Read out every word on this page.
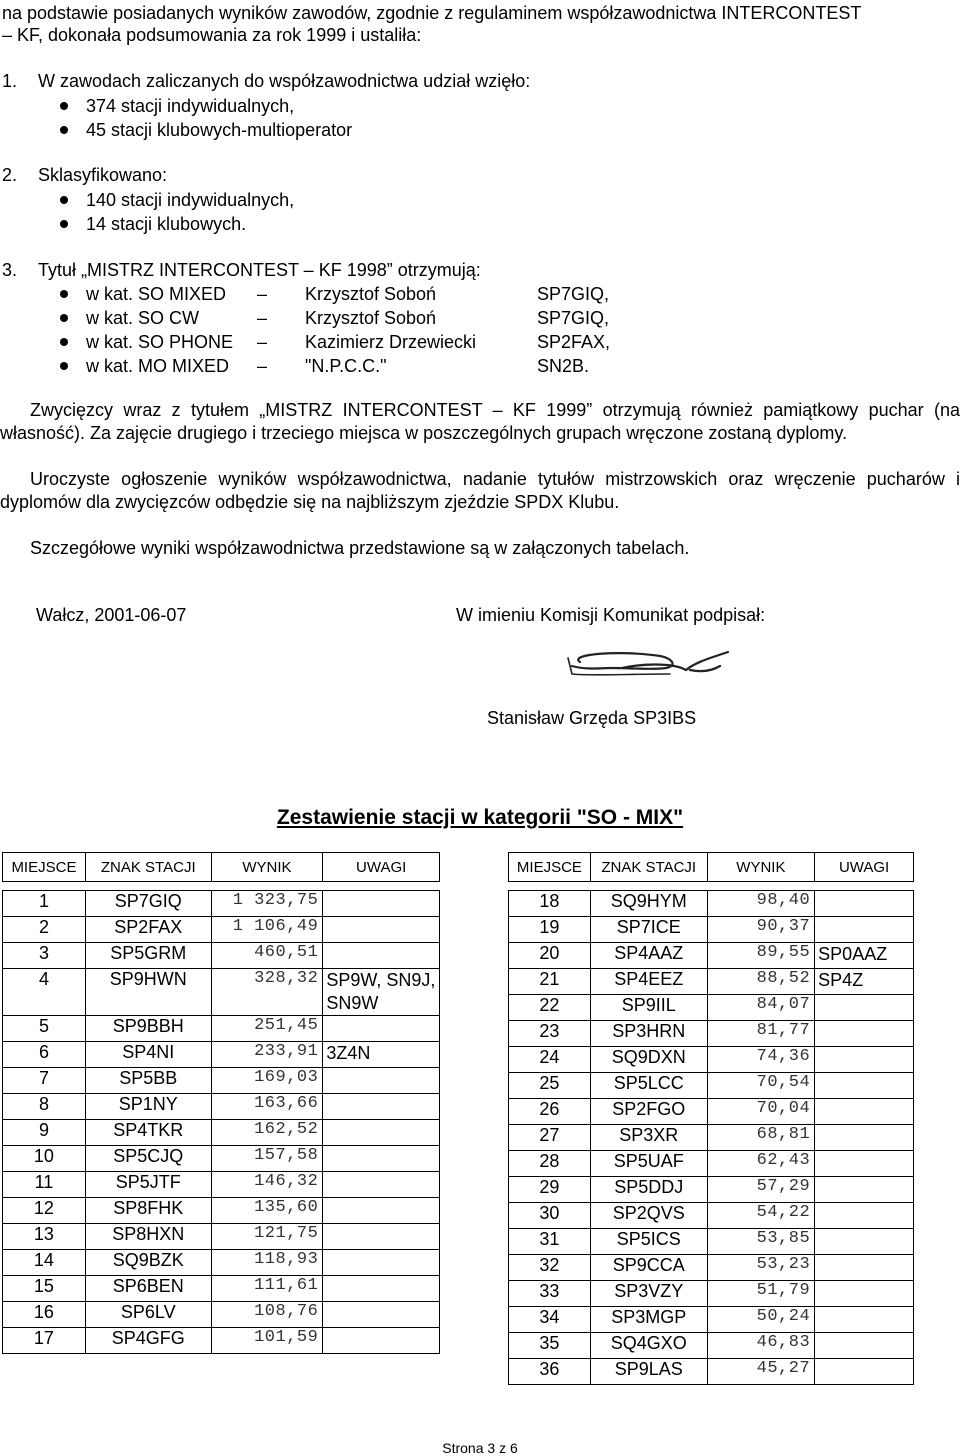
na podstawie posiadanych wyników zawodów, zgodnie z regulaminem współzawodnictwa INTERCONTEST
– KF, dokonała podsumowania za rok 1999 i ustaliła:
1. W zawodach zaliczanych do współzawodnictwa udział wzięło:
374 stacji indywidualnych,
45 stacji klubowych-multioperator
2. Sklasyfikowano:
140 stacji indywidualnych,
14 stacji klubowych.
3. Tytuł „MISTRZ INTERCONTEST – KF 1998” otrzymują:
w kat. SO MIXED – Krzysztof Soboń	SP7GIQ,
w kat. SO CW	– Krzysztof Soboń	SP7GIQ,
w kat. SO PHONE – Kazimierz Drzewiecki	SP2FAX,
w kat. MO MIXED – "N.P.C.C."	SN2B.
Zwycięzcy wraz z tytułem „MISTRZ INTERCONTEST – KF 1999” otrzymują również pamiątkowy puchar (na własność). Za zajęcie drugiego i trzeciego miejsca w poszczególnych grupach wręczone zostaną dyplomy.
Uroczyste ogłoszenie wyników współzawodnictwa, nadanie tytułów mistrzowskich oraz wręczenie pucharów i dyplomów dla zwycięzców odbędzie się na najbliższym zjeździe SPDX Klubu.
Szczegółowe wyniki współzawodnictwa przedstawione są w załączonych tabelach.
Wałcz, 2001-06-07	W imieniu Komisji Komunikat podpisał:
Stanisław Grzęda SP3IBS
Zestawienie stacji w kategorii "SO - MIX"
MIEJSCE	ZNAK STACJI	WYNIK	UWAGI

1	SP7GIQ	1 323,75	
2	SP2FAX	1 106,49	
3	SP5GRM	460,51	
4	SP9HWN	328,32	SP9W, SN9J, SN9W
5	SP9BBH	251,45	
6	SP4NI	233,91	3Z4N
7	SP5BB	169,03	
8	SP1NY	163,66	
9	SP4TKR	162,52	
10	SP5CJQ	157,58	
11	SP5JTF	146,32	
12	SP8FHK	135,60	
13	SP8HXN	121,75	
14	SQ9BZK	118,93	
15	SP6BEN	111,61	
16	SP6LV	108,76	
17	SP4GFG	101,59	
MIEJSCE	ZNAK STACJI	WYNIK	UWAGI

18	SQ9HYM	98,40	
19	SP7ICE	90,37	
20	SP4AAZ	89,55	SP0AAZ
21	SP4EEZ	88,52	SP4Z
22	SP9IIL	84,07	
23	SP3HRN	81,77	
24	SQ9DXN	74,36	
25	SP5LCC	70,54	
26	SP2FGO	70,04	
27	SP3XR	68,81	
28	SP5UAF	62,43	
29	SP5DDJ	57,29	
30	SP2QVS	54,22	
31	SP5ICS	53,85	
32	SP9CCA	53,23	
33	SP3VZY	51,79	
34	SP3MGP	50,24	
35	SQ4GXO	46,83	
36	SP9LAS	45,27	
Strona 3 z 6
